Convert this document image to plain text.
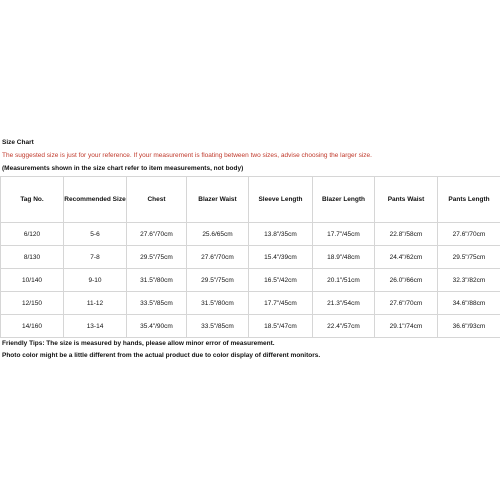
Size Chart
The suggested size is just for your reference. If your measurement is floating between two sizes, advise choosing the larger size.
(Measurements shown in the size chart refer to item measurements, not body)
Tag No.	Recommended Size	Chest	Blazer Waist	Sleeve Length	Blazer Length	Pants Waist	Pants Length
6/120	5-6	27.6"/70cm	25.6/65cm	13.8"/35cm	17.7"/45cm	22.8"/58cm	27.6"/70cm
8/130	7-8	29.5"/75cm	27.6"/70cm	15.4"/39cm	18.9"/48cm	24.4"/62cm	29.5"/75cm
10/140	9-10	31.5"/80cm	29.5"/75cm	16.5"/42cm	20.1"/51cm	26.0"/66cm	32.3"/82cm
12/150	11-12	33.5"/85cm	31.5"/80cm	17.7"/45cm	21.3"/54cm	27.6"/70cm	34.6"/88cm
14/160	13-14	35.4"/90cm	33.5"/85cm	18.5"/47cm	22.4"/57cm	29.1"/74cm	36.6"/93cm
Friendly Tips: The size is measured by hands, please allow minor error of measurement.
Photo color might be a little different from the actual product due to color display of different monitors.
